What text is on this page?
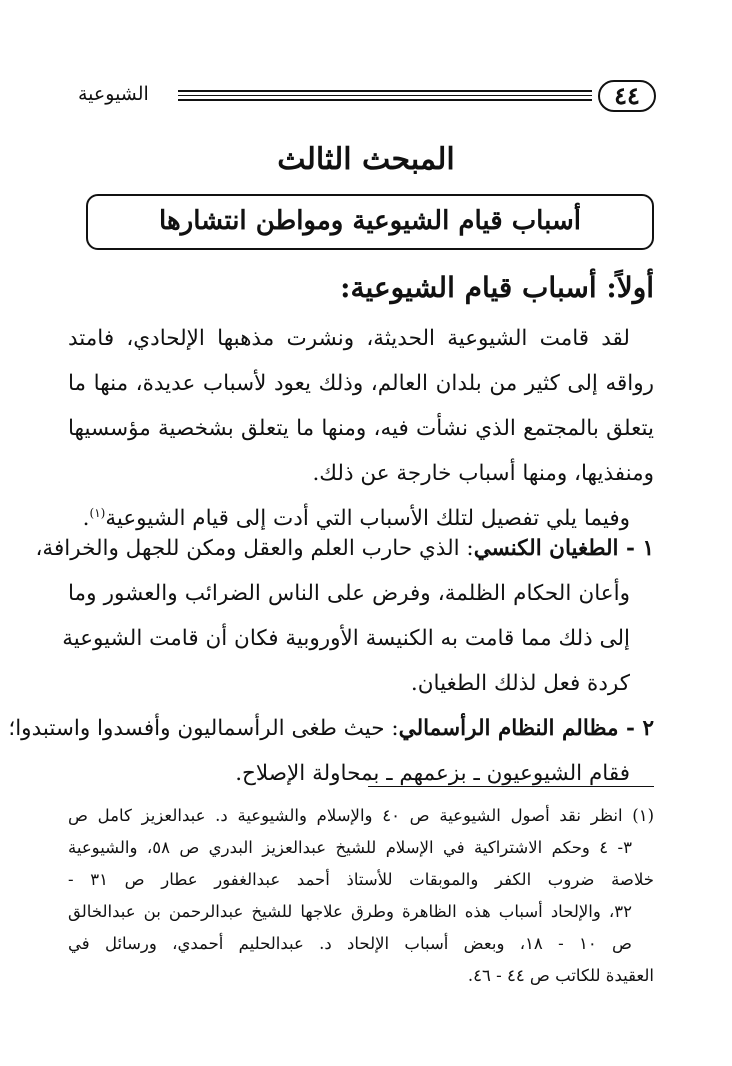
٤٤
الشيوعية
المبحث الثالث
أسباب قيام الشيوعية ومواطن انتشارها
أولاً: أسباب قيام الشيوعية:
لقد قامت الشيوعية الحديثة، ونشرت مذهبها الإلحادي، فامتد
رواقه إلى كثير من بلدان العالم، وذلك يعود لأسباب عديدة، منها ما
يتعلق بالمجتمع الذي نشأت فيه، ومنها ما يتعلق بشخصية مؤسسيها
ومنفذيها، ومنها أسباب خارجة عن ذلك.
وفيما يلي تفصيل لتلك الأسباب التي أدت إلى قيام الشيوعية$^{(١)}$.
١ - الطغيان الكنسي: الذي حارب العلم والعقل ومكن للجهل والخرافة،
وأعان الحكام الظلمة، وفرض على الناس الضرائب والعشور وما
إلى ذلك مما قامت به الكنيسة الأوروبية فكان أن قامت الشيوعية
كردة فعل لذلك الطغيان.
٢ - مظالم النظام الرأسمالي: حيث طغى الرأسماليون وأفسدوا واستبدوا؛
فقام الشيوعيون ـ بزعمهم ـ بمحاولة الإصلاح.
(١) انظر نقد أصول الشيوعية ص ٤٠ والإسلام والشيوعية د. عبدالعزيز كامل ص
٣- ٤ وحكم الاشتراكية في الإسلام للشيخ عبدالعزيز البدري ص ٥٨، والشيوعية
خلاصة ضروب الكفر والموبقات للأستاذ أحمد عبدالغفور عطار ص ٣١ -
٣٢، والإلحاد أسباب هذه الظاهرة وطرق علاجها للشيخ عبدالرحمن بن عبدالخالق
ص ١٠ - ١٨، وبعض أسباب الإلحاد د. عبدالحليم أحمدي، ورسائل في
العقيدة للكاتب ص ٤٤ - ٤٦.
